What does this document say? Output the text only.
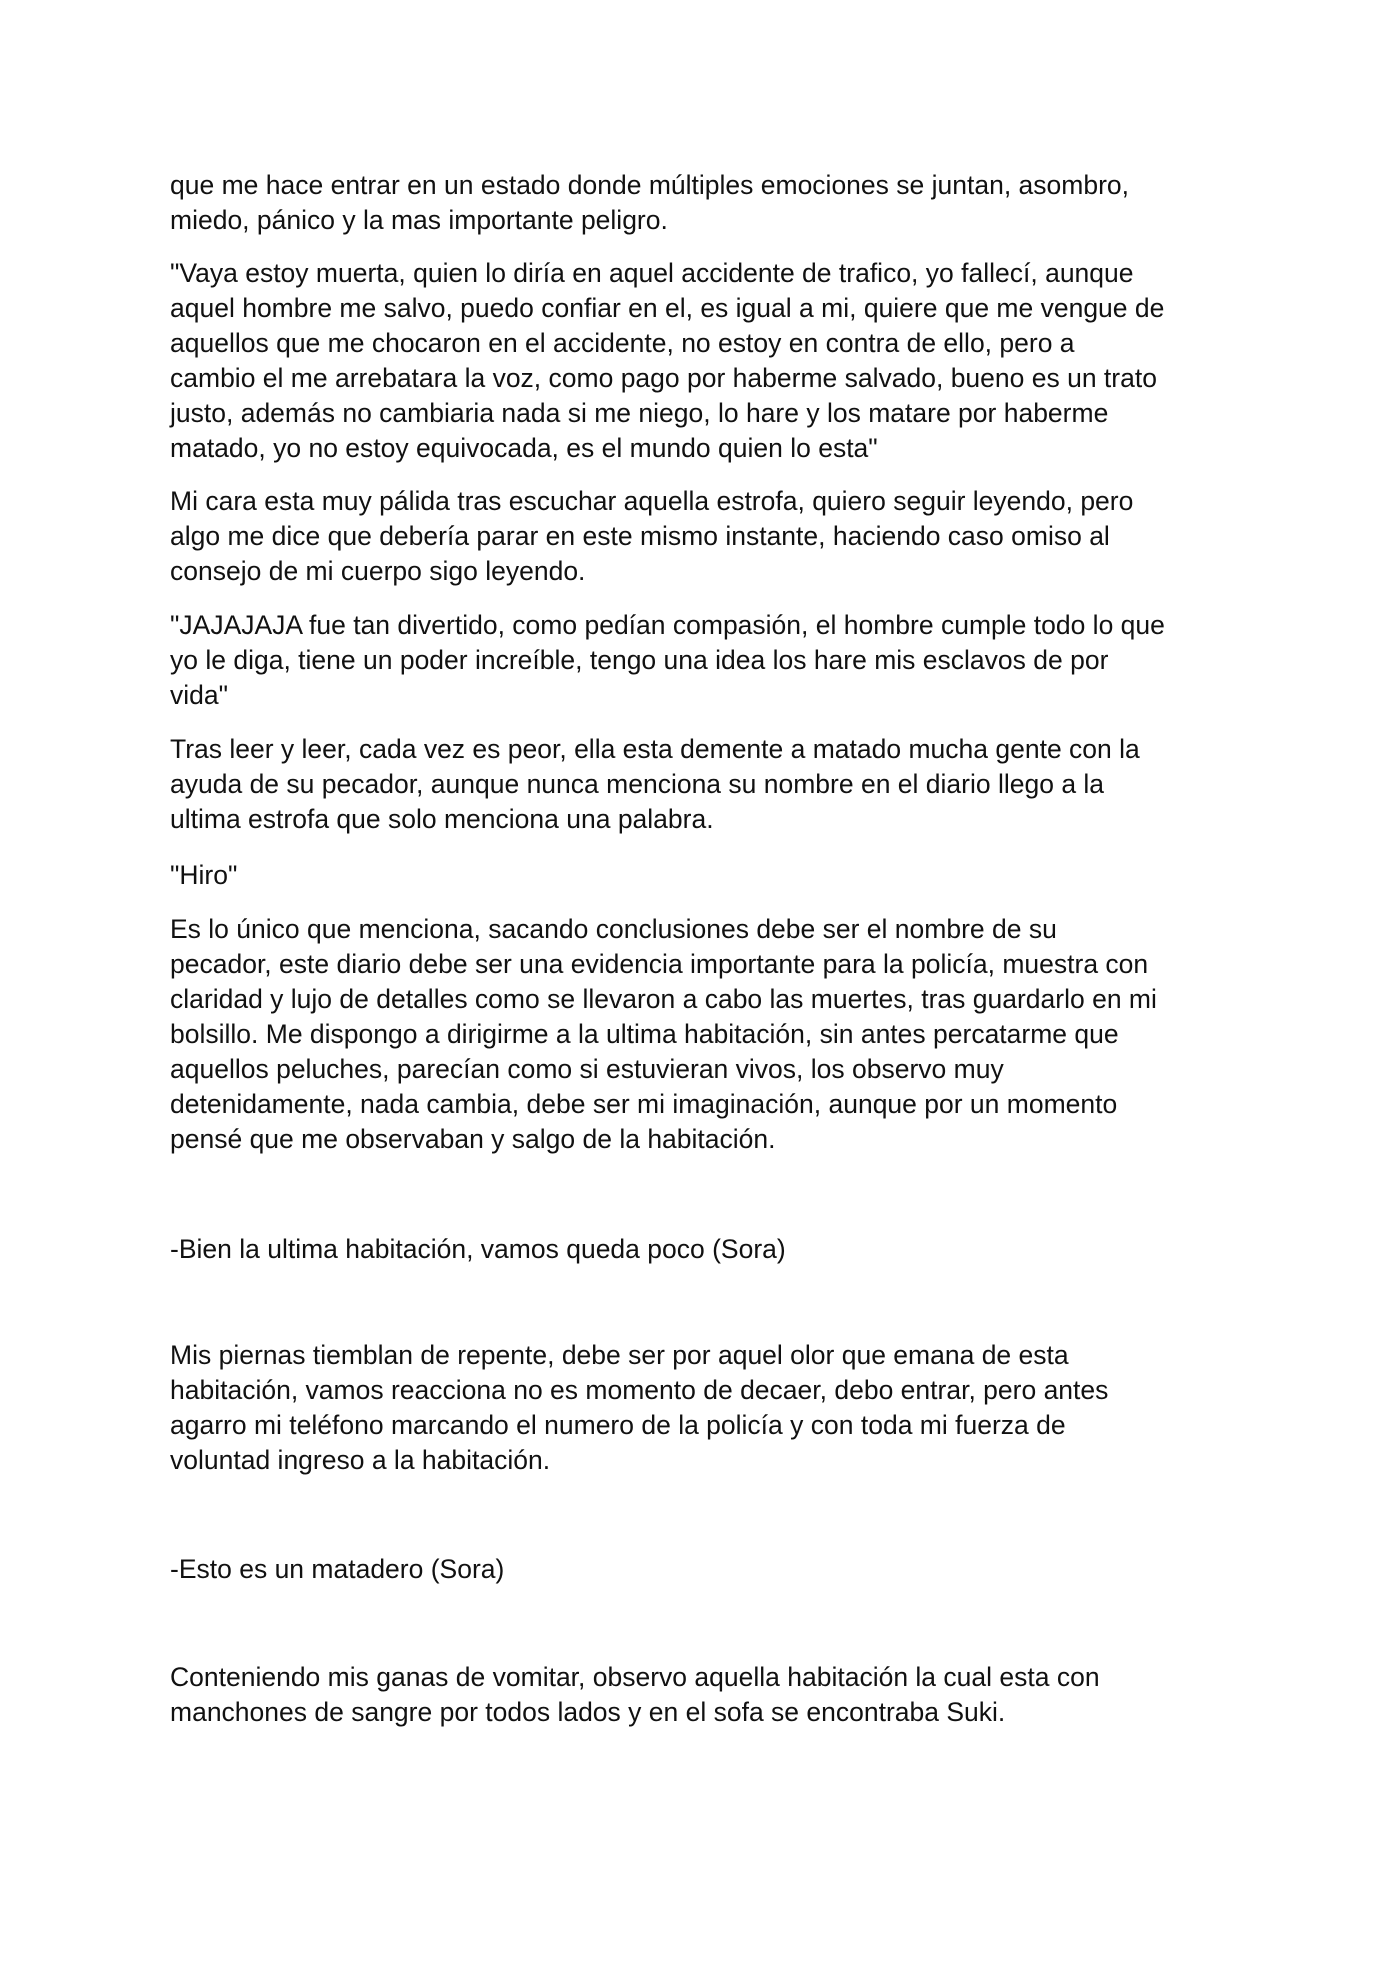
que me hace entrar en un estado donde múltiples emociones se juntan, asombro,
miedo, pánico y la mas importante peligro.

"Vaya estoy muerta, quien lo diría en aquel accidente de trafico, yo fallecí, aunque
aquel hombre me salvo, puedo confiar en el, es igual a mi, quiere que me vengue de
aquellos que me chocaron en el accidente, no estoy en contra de ello, pero a
cambio el me arrebatara la voz, como pago por haberme salvado, bueno es un trato
justo, además no cambiaria nada si me niego, lo hare y los matare por haberme
matado, yo no estoy equivocada, es el mundo quien lo esta"

Mi cara esta muy pálida tras escuchar aquella estrofa, quiero seguir leyendo, pero
algo me dice que debería parar en este mismo instante, haciendo caso omiso al
consejo de mi cuerpo sigo leyendo.

"JAJAJAJA fue tan divertido, como pedían compasión, el hombre cumple todo lo que
yo le diga, tiene un poder increíble, tengo una idea los hare mis esclavos de por
vida"

Tras leer y leer, cada vez es peor, ella esta demente a matado mucha gente con la
ayuda de su pecador, aunque nunca menciona su nombre en el diario llego a la
ultima estrofa que solo menciona una palabra.

"Hiro"

Es lo único que menciona, sacando conclusiones debe ser el nombre de su
pecador, este diario debe ser una evidencia importante para la policía, muestra con
claridad y lujo de detalles como se llevaron a cabo las muertes, tras guardarlo en mi
bolsillo. Me dispongo a dirigirme a la ultima habitación, sin antes percatarme que
aquellos peluches, parecían como si estuvieran vivos, los observo muy
detenidamente, nada cambia, debe ser mi imaginación, aunque por un momento
pensé que me observaban y salgo de la habitación.

-Bien la ultima habitación, vamos queda poco (Sora)

Mis piernas tiemblan de repente, debe ser por aquel olor que emana de esta
habitación, vamos reacciona no es momento de decaer, debo entrar, pero antes
agarro mi teléfono marcando el numero de la policía y con toda mi fuerza de
voluntad ingreso a la habitación.

-Esto es un matadero (Sora)

Conteniendo mis ganas de vomitar, observo aquella habitación la cual esta con
manchones de sangre por todos lados y en el sofa se encontraba Suki.
